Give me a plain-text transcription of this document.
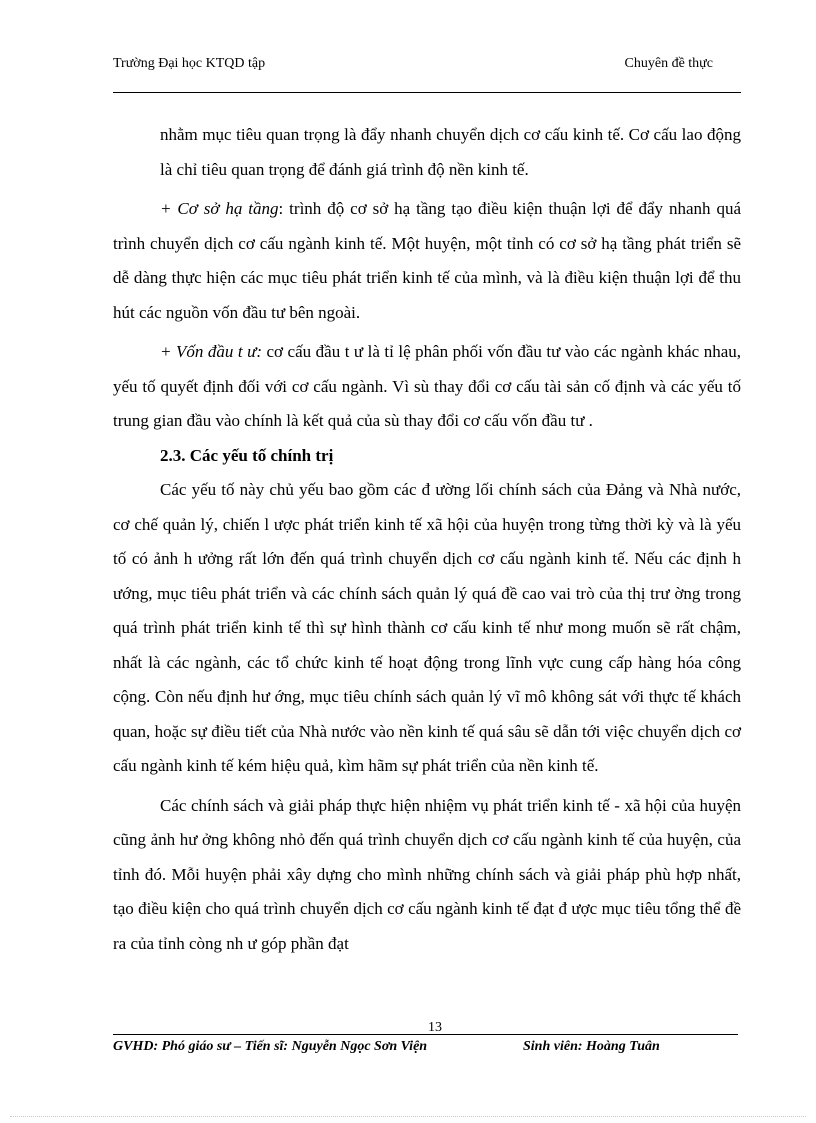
Trường Đại học KTQD tập	Chuyên đề thực

nhằm mục tiêu quan trọng là đẩy nhanh chuyển dịch cơ cấu kinh tế. Cơ cấu lao động là chỉ tiêu quan trọng để đánh giá trình độ nền kinh tế.

+ Cơ sở hạ tầng: trình độ cơ sở hạ tầng tạo điều kiện thuận lợi để đẩy nhanh quá trình chuyển dịch cơ cấu ngành kinh tế. Một huyện, một tỉnh có cơ sở hạ tầng phát triển sẽ dễ dàng thực hiện các mục tiêu phát triển kinh tế của mình, và là điều kiện thuận lợi để thu hút các nguồn vốn đầu tư bên ngoài.

+ Vốn đầu t ư: cơ cấu đầu t ư là tỉ lệ phân phối vốn đầu tư vào các ngành khác nhau, yếu tố quyết định đối với cơ cấu ngành. Vì sù thay đổi cơ cấu tài sản cố định và các yếu tố trung gian đầu vào chính là kết quả của sù thay đổi cơ cấu vốn đầu tư .

2.3. Các yếu tố chính trị

Các yếu tố này chủ yếu bao gồm các đ ường lối chính sách của Đảng và Nhà nước, cơ chế quản lý, chiến l ược phát triển kinh tế xã hội của huyện trong từng thời kỳ và là yếu tố có ảnh h ưởng rất lớn đến quá trình chuyển dịch cơ cấu ngành kinh tế. Nếu các định h ướng, mục tiêu phát triển và các chính sách quản lý quá đề cao vai trò của thị trư ờng trong quá trình phát triển kinh tế thì sự hình thành cơ cấu kinh tế như mong muốn sẽ rất chậm, nhất là các ngành, các tổ chức kinh tế hoạt động trong lĩnh vực cung cấp hàng hóa công cộng. Còn nếu định hư ớng, mục tiêu chính sách quản lý vĩ mô không sát với thực tế khách quan, hoặc sự điều tiết của Nhà nước vào nền kinh tế quá sâu sẽ dẫn tới việc chuyển dịch cơ cấu ngành kinh tế kém hiệu quả, kìm hãm sự phát triển của nền kinh tế.

Các chính sách và giải pháp thực hiện nhiệm vụ phát triển kinh tế - xã hội của huyện cũng ảnh hư ởng không nhỏ đến quá trình chuyển dịch cơ cấu ngành kinh tế của huyện, của tỉnh đó. Mỗi huyện phải xây dựng cho mình những chính sách và giải pháp phù hợp nhất, tạo điều kiện cho quá trình chuyển dịch cơ cấu ngành kinh tế đạt đ ược mục tiêu tổng thể đề ra của tỉnh còng nh ư góp phần đạt

13
GVHD: Phó giáo sư – Tiến sĩ: Nguyễn Ngọc Sơn Viện	Sinh viên: Hoàng Tuân
